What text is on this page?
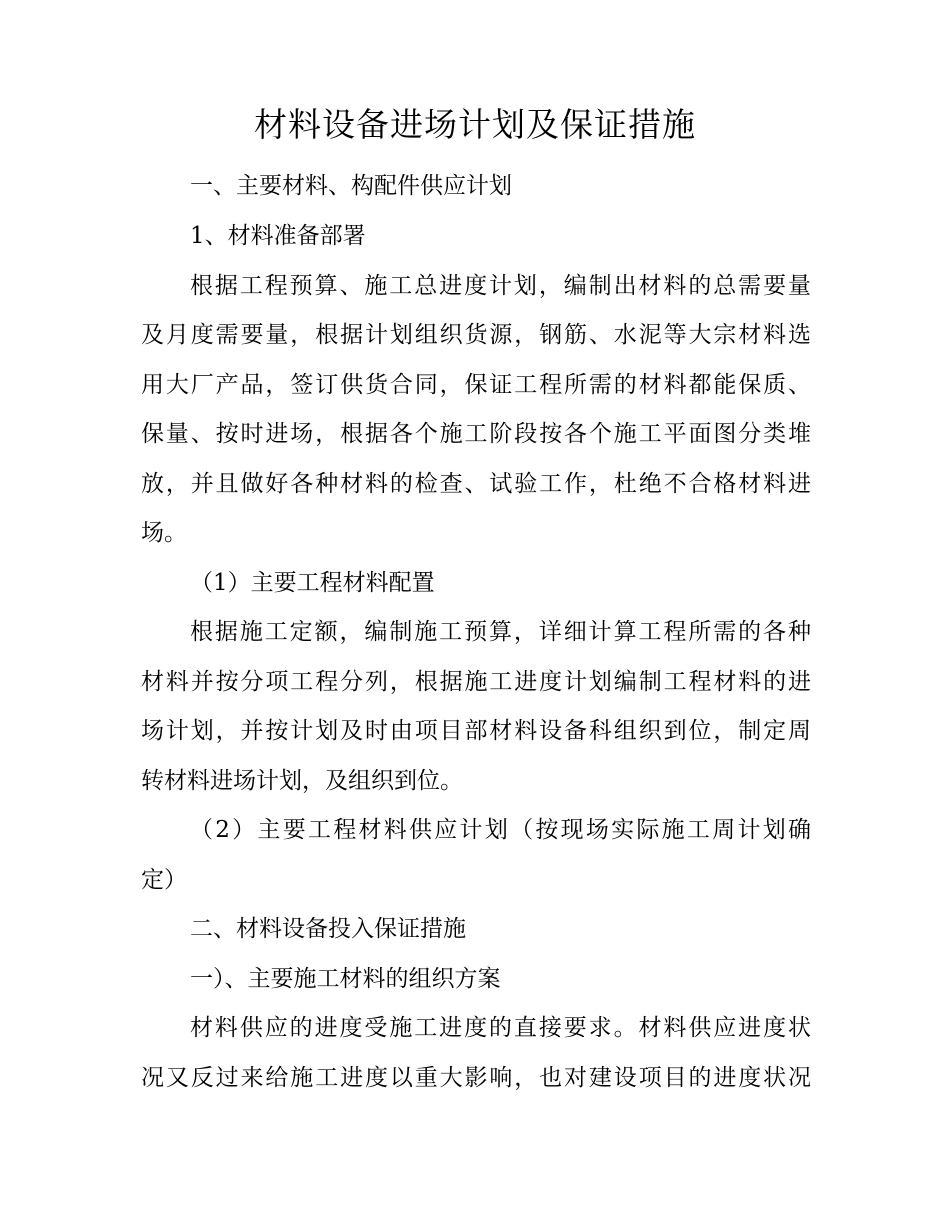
材料设备进场计划及保证措施
一、主要材料、构配件供应计划
1、材料准备部署
根据工程预算、施工总进度计划，编制出材料的总需要量
及月度需要量，根据计划组织货源，钢筋、水泥等大宗材料选
用大厂产品，签订供货合同，保证工程所需的材料都能保质、
保量、按时进场，根据各个施工阶段按各个施工平面图分类堆
放，并且做好各种材料的检查、试验工作，杜绝不合格材料进
场。
（1）主要工程材料配置
根据施工定额，编制施工预算，详细计算工程所需的各种
材料并按分项工程分列，根据施工进度计划编制工程材料的进
场计划，并按计划及时由项目部材料设备科组织到位，制定周
转材料进场计划，及组织到位。
（2）主要工程材料供应计划（按现场实际施工周计划确
定）
二、材料设备投入保证措施
一）、主要施工材料的组织方案
材料供应的进度受施工进度的直接要求。材料供应进度状
况又反过来给施工进度以重大影响，也对建设项目的进度状况
